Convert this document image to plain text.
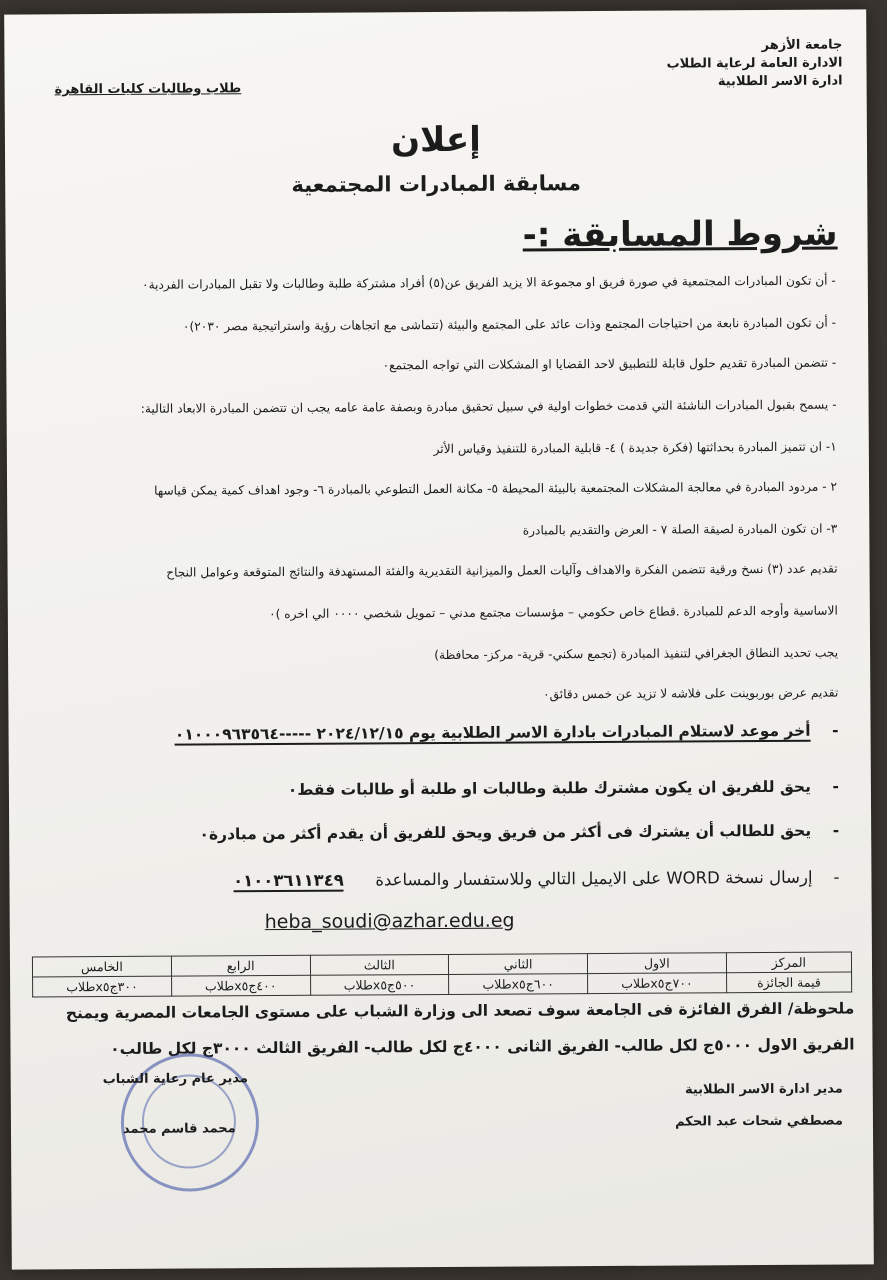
جامعة الأزهر
الادارة العامة لرعاية الطلاب
ادارة الاسر الطلابية
طلاب وطالبات كليات القاهرة
إعلان
مسابقة المبادرات المجتمعية
شروط المسابقة :-
- أن تكون المبادرات المجتمعية في صورة فريق او مجموعة الا يزيد الفريق عن(٥) أفراد مشتركة طلبة وطالبات ولا تقبل المبادرات الفردية٠
- أن تكون المبادرة نابعة من احتياجات المجتمع وذات عائد على المجتمع والبيئة (تتماشى مع اتجاهات رؤية واستراتيجية مصر ٢٠٣٠)٠
- تتضمن المبادرة تقديم حلول قابلة للتطبيق لاحد القضايا او المشكلات التي تواجه المجتمع٠
- يسمح بقبول المبادرات الناشئة التي قدمت خطوات اولية في سبيل تحقيق مبادرة وبصفة عامة عامه يجب ان تتضمن المبادرة الابعاد التالية:
١- ان تتميز المبادرة بحداثتها (فكرة جديدة ) ٤- قابلية المبادرة للتنفيذ وقياس الأثر
٢ - مردود المبادرة في معالجة المشكلات المجتمعية بالبيئة المحيطة ٥- مكانة العمل التطوعي بالمبادرة ٦- وجود اهداف كمية يمكن قياسها
٣- ان تكون المبادرة لصيقة الصلة ٧ - العرض والتقديم بالمبادرة
تقديم عدد (٣) نسخ ورقية تتضمن الفكرة والاهداف وآليات العمل والميزانية التقديرية والفئة المستهدفة والنتائج المتوقعة وعوامل النجاح
الاساسية وأوجه الدعم للمبادرة .قطاع خاص حكومي – مؤسسات مجتمع مدني – تمويل شخصي ٠٠٠٠ الي اخره )٠
يجب تحديد النطاق الجغرافي لتنفيذ المبادرة (تجمع سكني- قرية- مركز- محافظة)
تقديم عرض بوربوينت على فلاشه لا تزيد عن خمس دقائق٠
-    أخر موعد لاستلام المبادرات بادارة الاسر الطلابية يوم ٢٠٢٤/١٢/١٥ -----٠١٠٠٠٩٦٣٥٦٤
-    يحق للفريق ان يكون مشترك طلبة وطالبات او طلبة أو طالبات فقط٠
-    يحق للطالب أن يشترك فى أكثر من فريق ويحق للفريق أن يقدم أكثر من مبادرة٠
-    إرسال نسخة WORD على الايميل التالي وللاستفسار والمساعدة      ٠١٠٠٣٦١١٣٤٩
heba_soudi@azhar.edu.eg
المركز	الاول	الثاني	الثالث	الرابع	الخامس
قيمة الجائزة	٧٠٠جx٥طلاب	٦٠٠جx٥طلاب	٥٠٠جx٥طلاب	٤٠٠جx٥طلاب	٣٠٠جx٥طلاب
ملحوظة/ الفرق الفائزة فى الجامعة سوف تصعد الى وزارة الشباب على مستوى الجامعات المصرية ويمنح
الفريق الاول ٥٠٠٠ج لكل طالب- الفريق الثانى ٤٠٠٠ج لكل طالب- الفريق الثالث ٣٠٠٠ج لكل طالب٠
مدير ادارة الاسر الطلابية
مصطفي شحات عبد الحكم
مدير عام رعاية الشباب
محمد قاسم محمد
